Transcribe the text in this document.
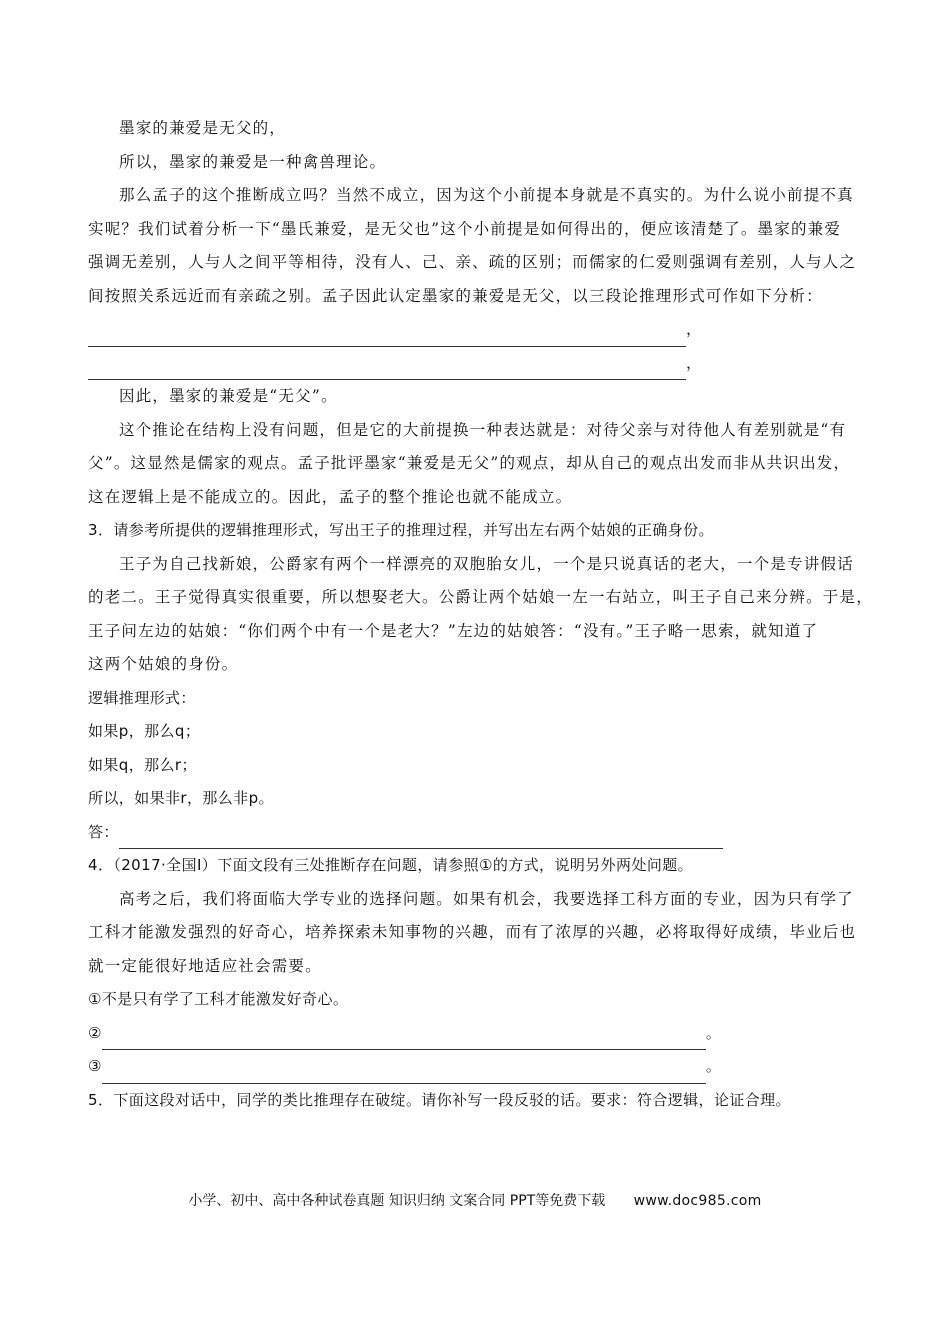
墨家的兼爱是无父的，
所以，墨家的兼爱是一种禽兽理论。
那么孟子的这个推断成立吗？当然不成立，因为这个小前提本身就是不真实的。为什么说小前提不真
实呢？我们试着分析一下“墨氏兼爱，是无父也”这个小前提是如何得出的，便应该清楚了。墨家的兼爱
强调无差别，人与人之间平等相待，没有人、己、亲、疏的区别；而儒家的仁爱则强调有差别，人与人之
间按照关系远近而有亲疏之别。孟子因此认定墨家的兼爱是无父，以三段论推理形式可作如下分析：
，
，
因此，墨家的兼爱是“无父”。
这个推论在结构上没有问题，但是它的大前提换一种表达就是：对待父亲与对待他人有差别就是“有
父”。这显然是儒家的观点。孟子批评墨家“兼爱是无父”的观点，却从自己的观点出发而非从共识出发，
这在逻辑上是不能成立的。因此，孟子的整个推论也就不能成立。
3．请参考所提供的逻辑推理形式，写出王子的推理过程，并写出左右两个姑娘的正确身份。
王子为自己找新娘，公爵家有两个一样漂亮的双胞胎女儿，一个是只说真话的老大，一个是专讲假话
的老二。王子觉得真实很重要，所以想娶老大。公爵让两个姑娘一左一右站立，叫王子自己来分辨。于是，
王子问左边的姑娘：“你们两个中有一个是老大？”左边的姑娘答：“没有。”王子略一思索，就知道了
这两个姑娘的身份。
逻辑推理形式：
如果p，那么q；
如果q，那么r；
所以，如果非r，那么非p。
答：
4．（2017·全国Ⅰ）下面文段有三处推断存在问题，请参照①的方式，说明另外两处问题。
高考之后，我们将面临大学专业的选择问题。如果有机会，我要选择工科方面的专业，因为只有学了
工科才能激发强烈的好奇心，培养探索未知事物的兴趣，而有了浓厚的兴趣，必将取得好成绩，毕业后也
就一定能很好地适应社会需要。
①不是只有学了工科才能激发好奇心。
②	。
③	。
5．下面这段对话中，同学的类比推理存在破绽。请你补写一段反驳的话。要求：符合逻辑，论证合理。
小学、初中、高中各种试卷真题 知识归纳 文案合同 PPT等免费下载 www.doc985.com
